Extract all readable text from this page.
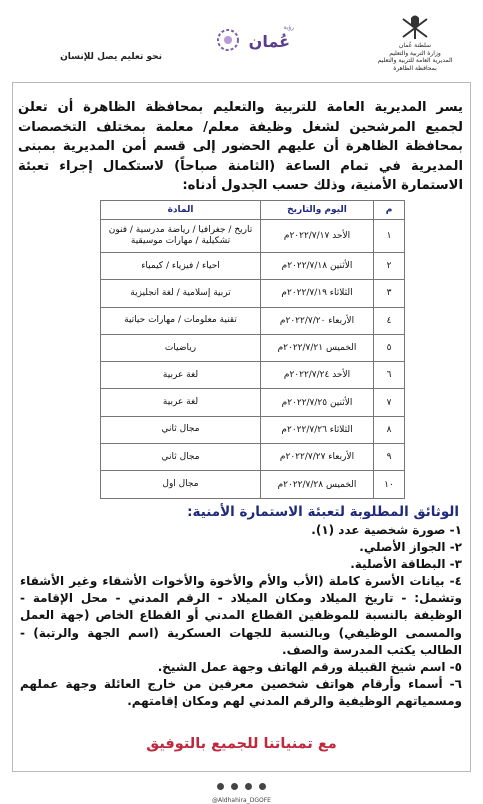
سلطنة عُمان
وزارة التربية والتعليم
المديرية العامة للتربية والتعليم
بمحافظة الظاهرة
رؤية
عُمان
نحو تعليم يصل للإنسان
يسر المديرية العامة للتربية والتعليم بمحافظة الظاهرة أن تعلن لجميع المرشحين لشغل وظيفة معلم/ معلمة بمختلف التخصصات بمحافظة الظاهرة أن عليهم الحضور إلى قسم أمن المديرية بمبنى المديرية في تمام الساعة (الثامنة صباحاً) لاستكمال إجراء تعبئة الاستمارة الأمنية، وذلك حسب الجدول أدناه:
م	اليوم والتاريخ	المادة
١	الأحد ٢٠٢٢/٧/١٧م	تاريخ / جغرافيا / رياضة مدرسية / فنون تشكيلية / مهارات موسيقية
٢	الأثنين ٢٠٢٢/٧/١٨م	احياء / فيزياء / كيمياء
٣	الثلاثاء ٢٠٢٢/٧/١٩م	تربية إسلامية / لغة انجليزية
٤	الأربعاء ٢٠٢٢/٧/٢٠م	تقنية معلومات / مهارات حياتية
٥	الخميس ٢٠٢٢/٧/٢١م	رياضيات
٦	الأحد ٢٠٢٢/٧/٢٤م	لغة عربية
٧	الأثنين ٢٠٢٢/٧/٢٥م	لغة عربية
٨	الثلاثاء ٢٠٢٢/٧/٢٦م	مجال ثاني
٩	الأربعاء ٢٠٢٢/٧/٢٧م	مجال ثاني
١٠	الخميس ٢٠٢٢/٧/٢٨م	مجال اول
الوثائق المطلوبة لتعبئة الاستمارة الأمنية:
١- صورة شخصية عدد (١).
٢- الجواز الأصلي.
٣- البطاقة الأصلية.
٤- بيانات الأسرة كاملة (الأب والأم والأخوة والأخوات الأشقاء وغير الأشقاء وتشمل: - تاريخ الميلاد ومكان الميلاد - الرقم المدني - محل الإقامة - الوظيفة بالنسبة للموظفين القطاع المدني أو القطاع الخاص (جهة العمل والمسمى الوظيفي) وبالنسبة للجهات العسكرية (اسم الجهة والرتبة) - الطالب يكتب المدرسة والصف.
٥- اسم شيخ القبيلة ورقم الهاتف وجهة عمل الشيخ.
٦- أسماء وأرقام هواتف شخصين معرفين من خارج العائلة وجهة عملهم ومسمياتهم الوظيفية والرقم المدني لهم ومكان إقامتهم.
مع تمنياتنا للجميع بالتوفيق

@Aldhahira_DGOFE
